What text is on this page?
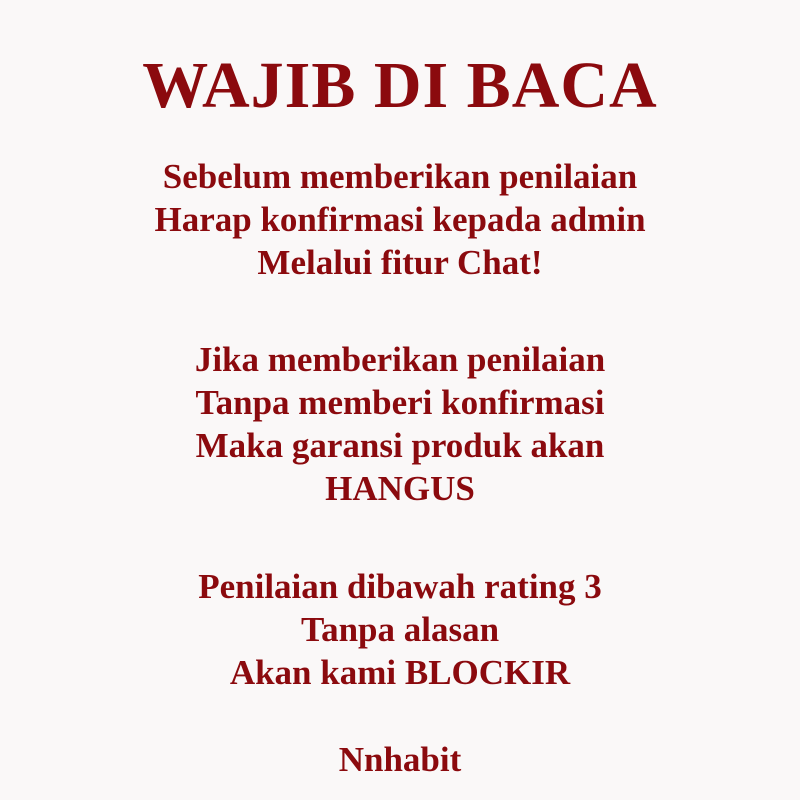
WAJIB DI BACA
Sebelum memberikan penilaian
Harap konfirmasi kepada admin
Melalui fitur Chat!
Jika memberikan penilaian
Tanpa memberi konfirmasi
Maka garansi produk akan
HANGUS
Penilaian dibawah rating 3
Tanpa alasan
Akan kami BLOCKIR
Nnhabit
